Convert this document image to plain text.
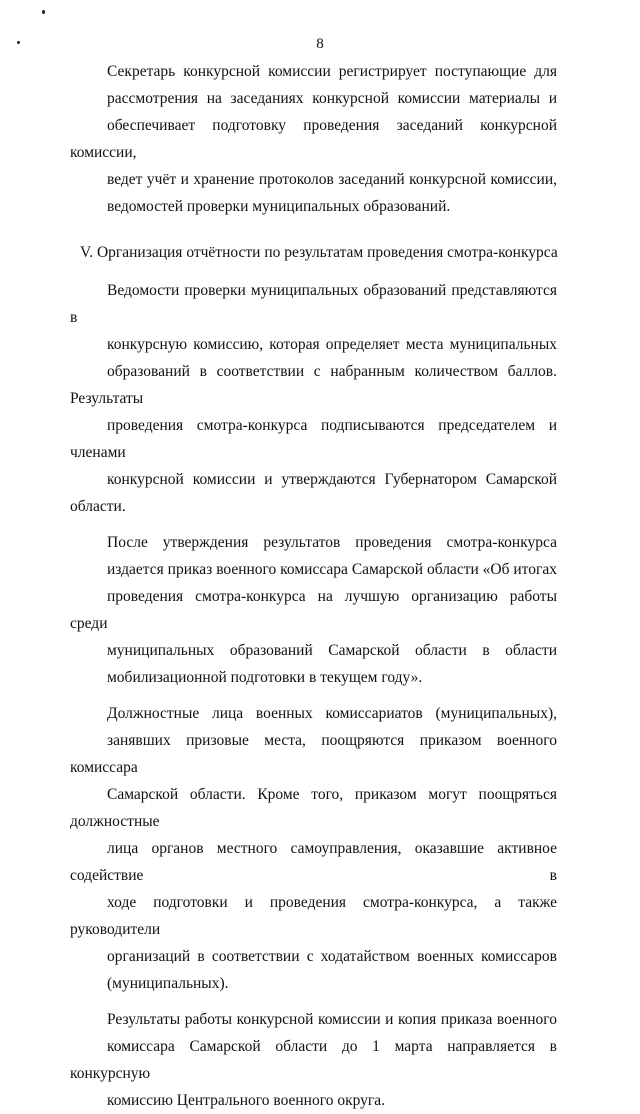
8

Секретарь конкурсной комиссии регистрирует поступающие для
рассмотрения на заседаниях конкурсной комиссии материалы и
обеспечивает подготовку проведения заседаний конкурсной комиссии,
ведет учёт и хранение протоколов заседаний конкурсной комиссии,
ведомостей проверки муниципальных образований.

V. Организация отчётности по результатам проведения смотра-конкурса

Ведомости проверки муниципальных образований представляются в
конкурсную комиссию, которая определяет места муниципальных
образований в соответствии с набранным количеством баллов. Результаты
проведения смотра-конкурса подписываются председателем и членами
конкурсной комиссии и утверждаются Губернатором Самарской области.

После утверждения результатов проведения смотра-конкурса
издается приказ военного комиссара Самарской области «Об итогах
проведения смотра-конкурса на лучшую организацию работы среди
муниципальных образований Самарской области в области
мобилизационной подготовки в текущем году».

Должностные лица военных комиссариатов (муниципальных),
занявших призовые места, поощряются приказом военного комиссара
Самарской области. Кроме того, приказом могут поощряться должностные
лица органов местного самоуправления, оказавшие активное содействие в
ходе подготовки и проведения смотра-конкурса, а также руководители
организаций в соответствии с ходатайством военных комиссаров
(муниципальных).

Результаты работы конкурсной комиссии и копия приказа военного
комиссара Самарской области до 1 марта направляется в конкурсную
комиссию Центрального военного округа.
